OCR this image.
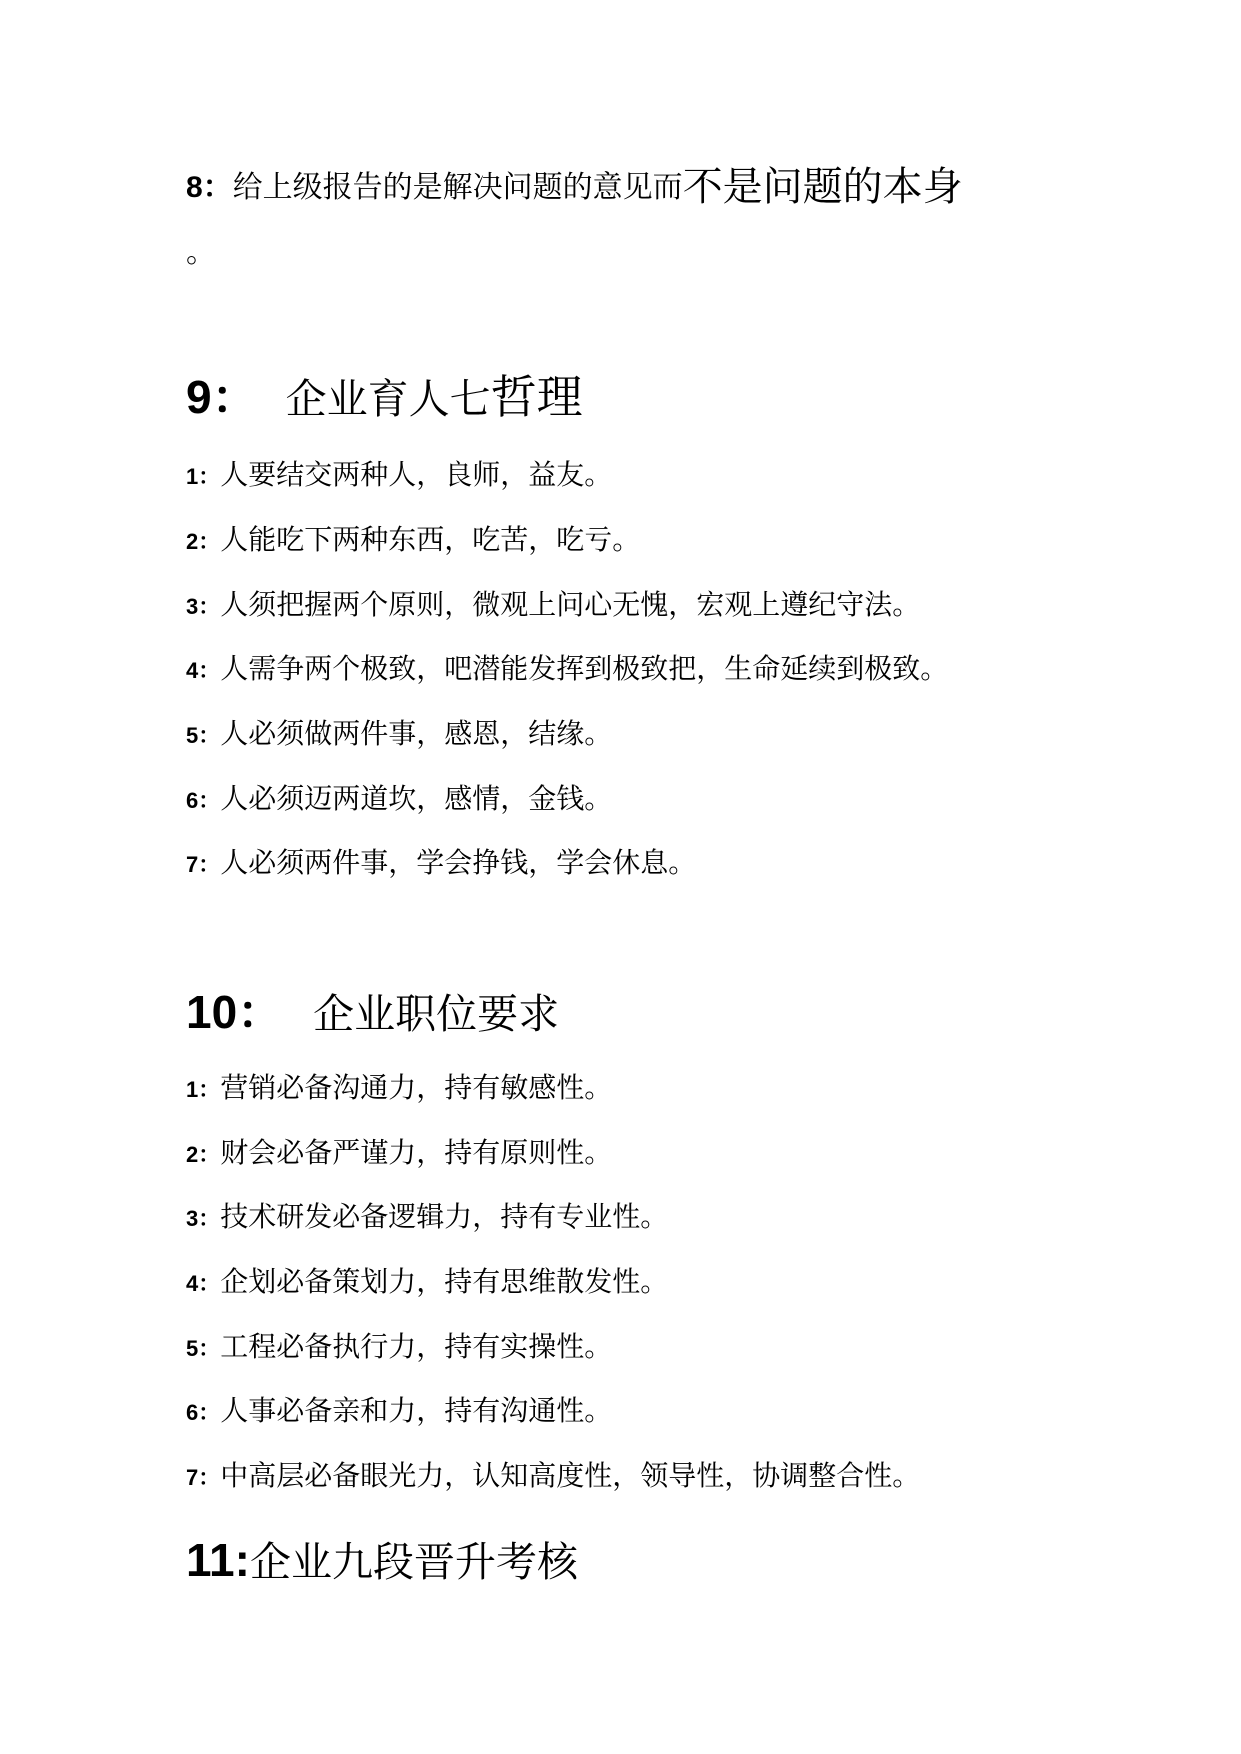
8：给上级报告的是解决问题的意见而不是问题的本身
。
9： 企业育人七哲理
1：人要结交两种人，良师，益友。
2：人能吃下两种东西，吃苦，吃亏。
3：人须把握两个原则，微观上问心无愧，宏观上遵纪守法。
4：人需争两个极致，吧潜能发挥到极致把，生命延续到极致。
5：人必须做两件事，感恩，结缘。
6：人必须迈两道坎，感情，金钱。
7：人必须两件事，学会挣钱，学会休息。
10： 企业职位要求
1：营销必备沟通力，持有敏感性。
2：财会必备严谨力，持有原则性。
3：技术研发必备逻辑力，持有专业性。
4：企划必备策划力，持有思维散发性。
5：工程必备执行力，持有实操性。
6：人事必备亲和力，持有沟通性。
7：中高层必备眼光力，认知高度性，领导性，协调整合性。
11:企业九段晋升考核
